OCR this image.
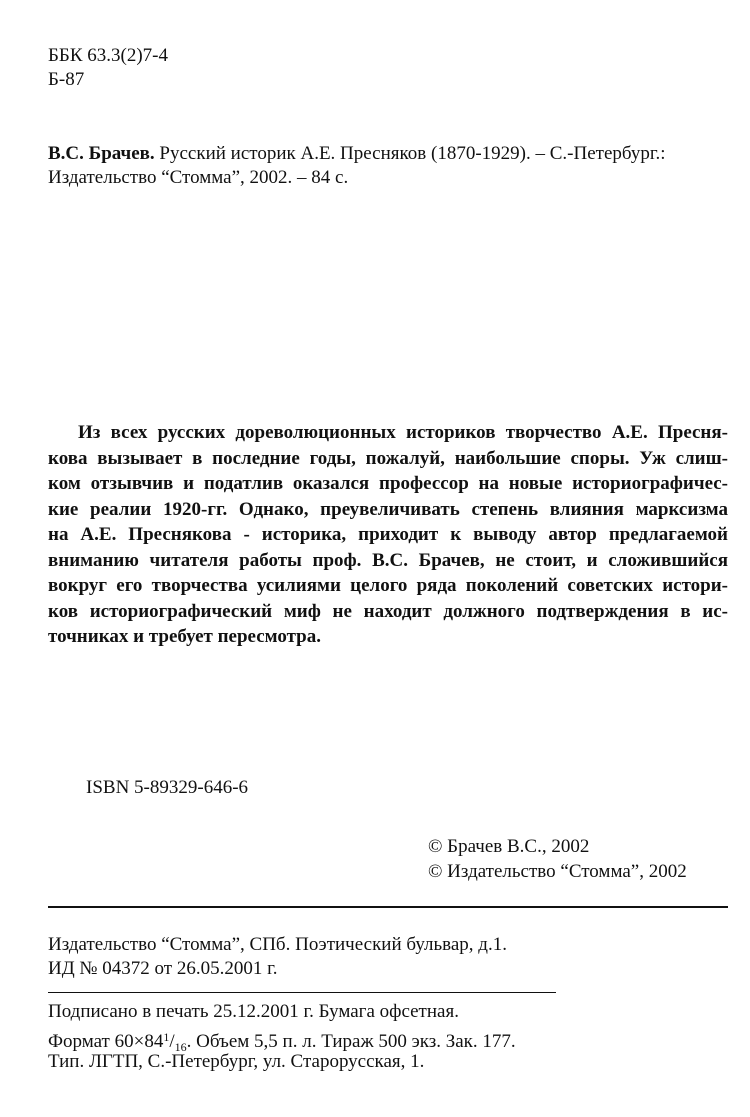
ББК 63.3(2)7-4
Б-87
В.С. Брачев. Русский историк А.Е. Пресняков (1870-1929). – С.-Петербург.:
Издательство “Стомма”, 2002. – 84 с.
Из всех русских дореволюционных историков творчество А.Е. Пресня-
кова вызывает в последние годы, пожалуй, наибольшие споры. Уж слиш-
ком отзывчив и податлив оказался профессор на новые историографичес-
кие реалии 1920-гг. Однако, преувеличивать степень влияния марксизма
на А.Е. Преснякова - историка, приходит к выводу автор предлагаемой
вниманию читателя работы проф. В.С. Брачев, не стоит, и сложившийся
вокруг его творчества усилиями целого ряда поколений советских истори-
ков историографический миф не находит должного подтверждения в ис-
точниках и требует пересмотра.
ISBN 5-89329-646-6
© Брачев В.С., 2002
© Издательство “Стомма”, 2002
Издательство “Стомма”, СПб. Поэтический бульвар, д.1.
ИД № 04372 от 26.05.2001 г.
Подписано в печать 25.12.2001 г. Бумага офсетная.
Формат $60\times 84^1/_{16}$. Объем 5,5 п. л. Тираж 500 экз. Зак. 177.
Тип. ЛГТП, С.-Петербург, ул. Старорусская, 1.
